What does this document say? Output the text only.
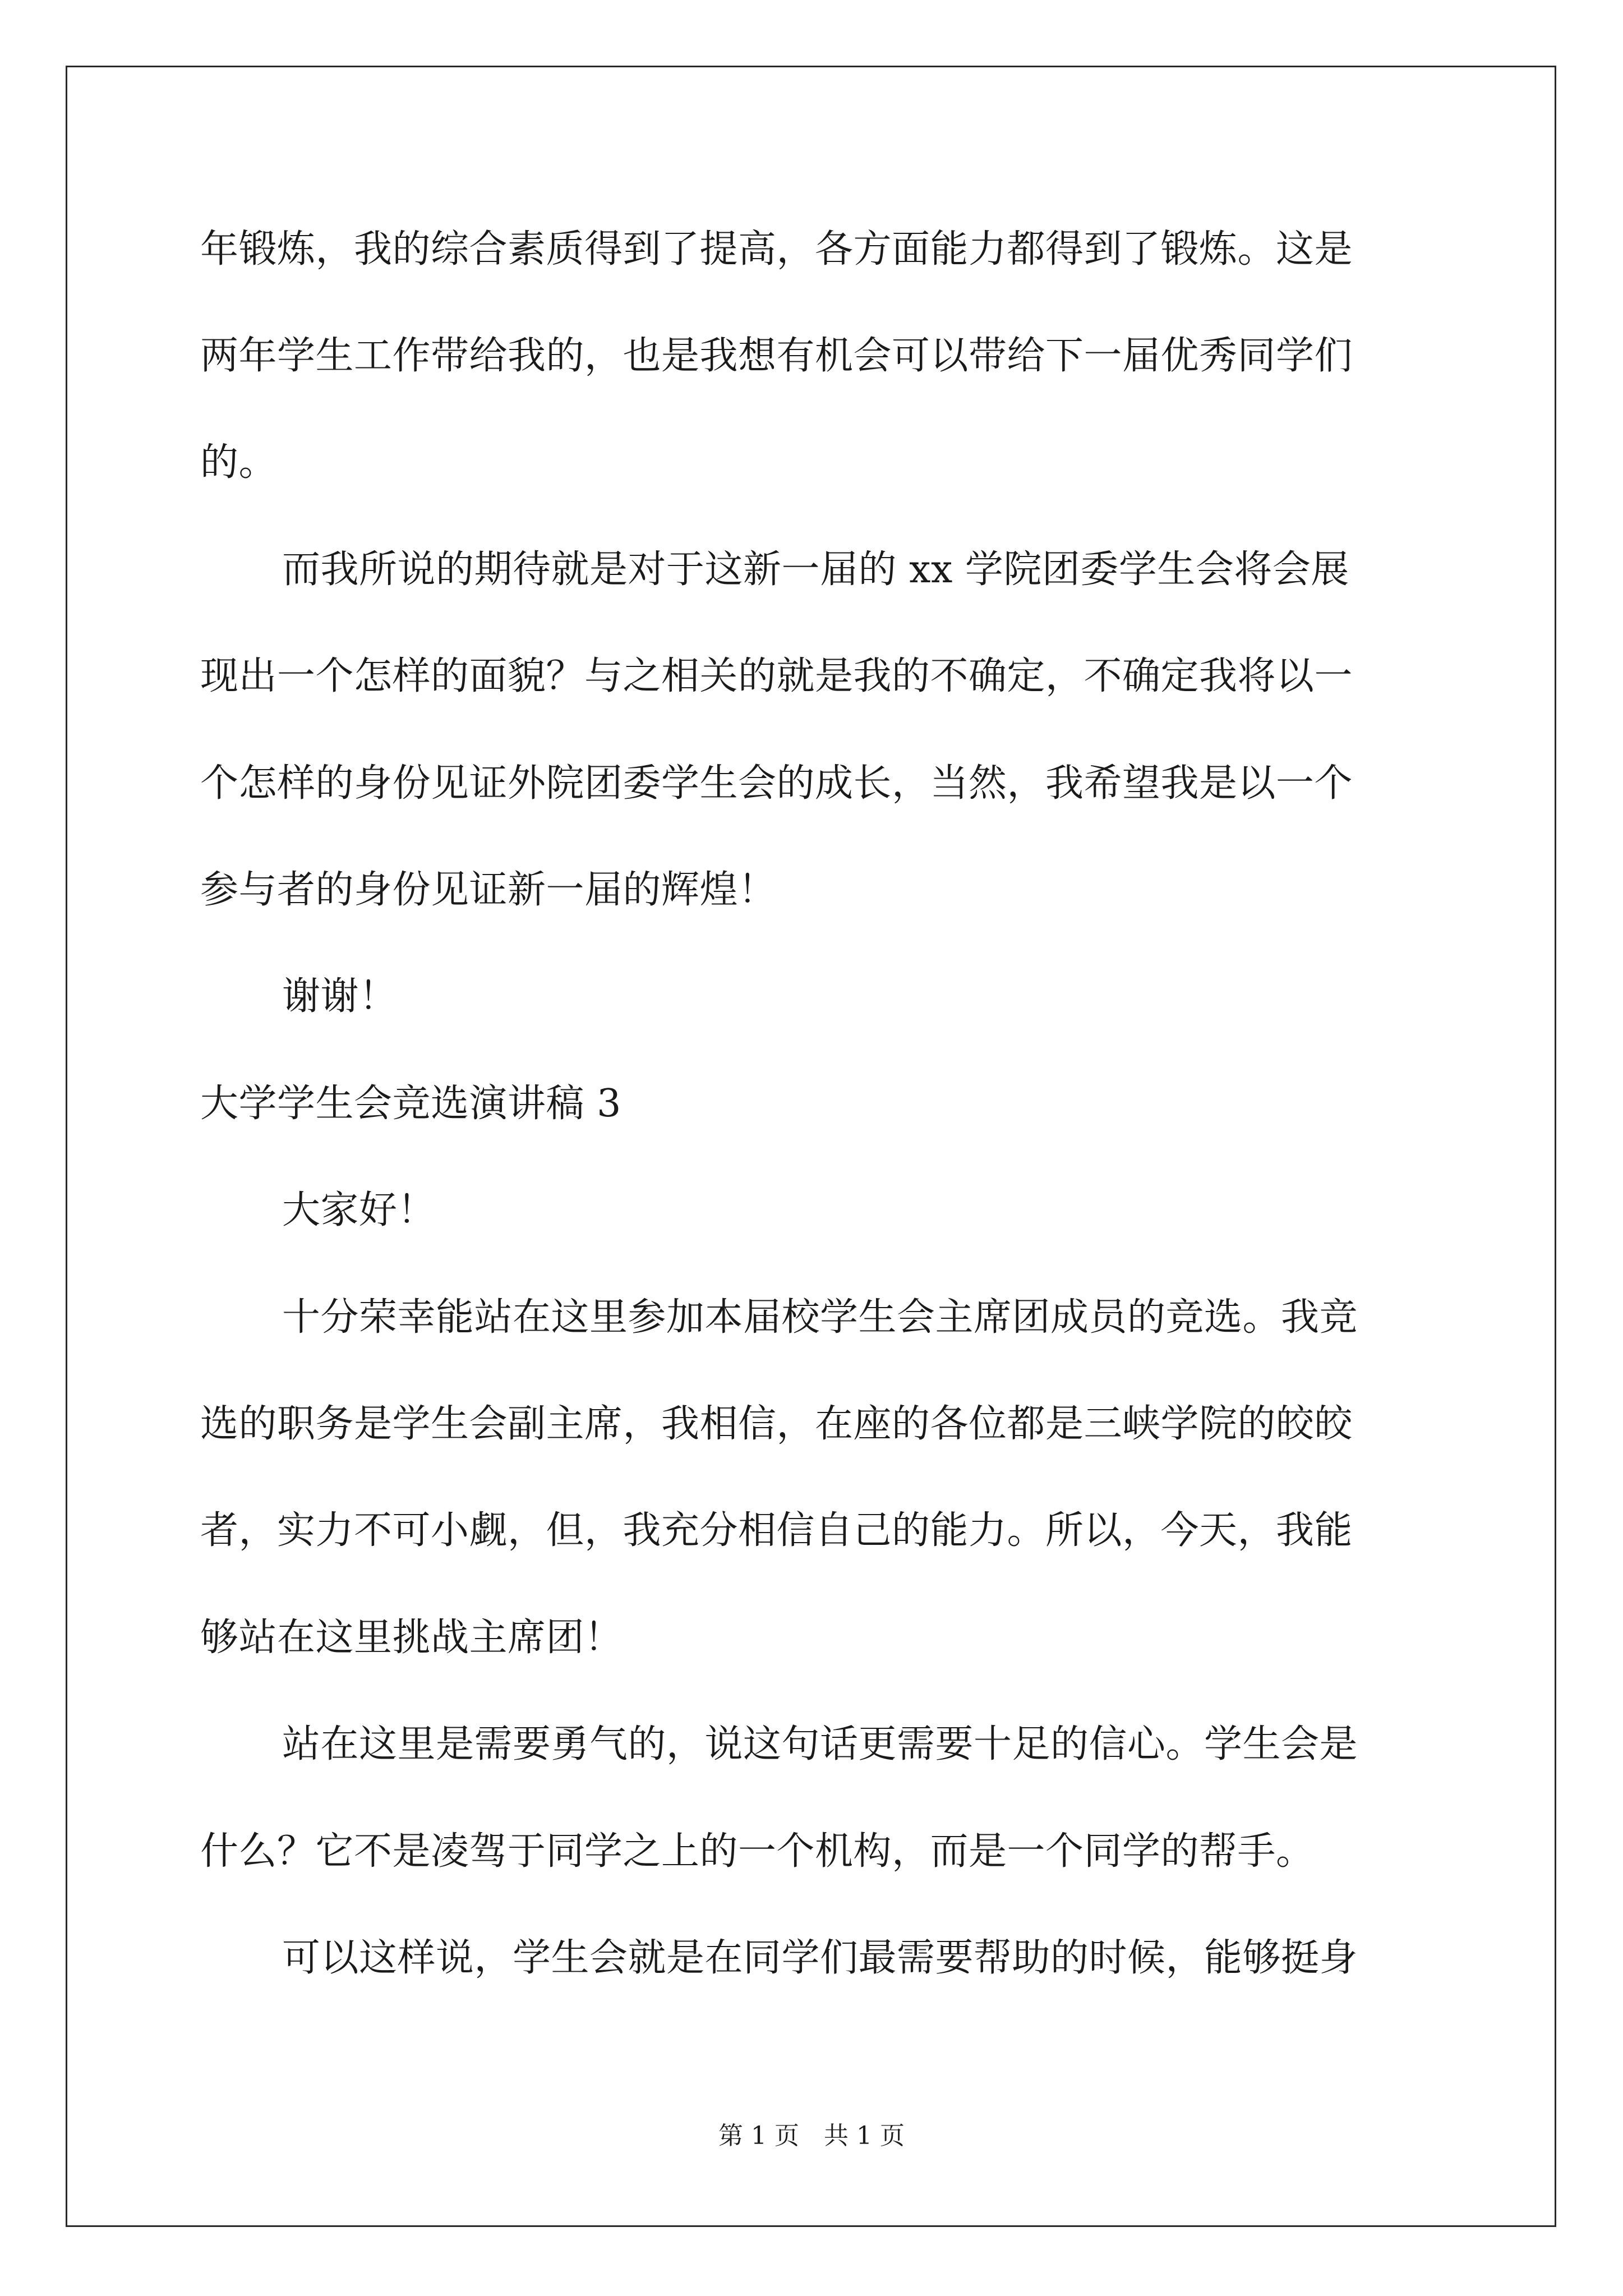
年锻炼，我的综合素质得到了提高，各方面能力都得到了锻炼。这是

两年学生工作带给我的，也是我想有机会可以带给下一届优秀同学们

的。

而我所说的期待就是对于这新一届的 xx 学院团委学生会将会展

现出一个怎样的面貌？与之相关的就是我的不确定，不确定我将以一

个怎样的身份见证外院团委学生会的成长，当然，我希望我是以一个

参与者的身份见证新一届的辉煌！

谢谢！

大学学生会竞选演讲稿 3

大家好！

十分荣幸能站在这里参加本届校学生会主席团成员的竞选。我竞

选的职务是学生会副主席，我相信，在座的各位都是三峡学院的皎皎

者，实力不可小觑，但，我充分相信自己的能力。所以，今天，我能

够站在这里挑战主席团！

站在这里是需要勇气的，说这句话更需要十足的信心。学生会是

什么？它不是凌驾于同学之上的一个机构，而是一个同学的帮手。

可以这样说，学生会就是在同学们最需要帮助的时候，能够挺身

第 1 页　共 1 页
